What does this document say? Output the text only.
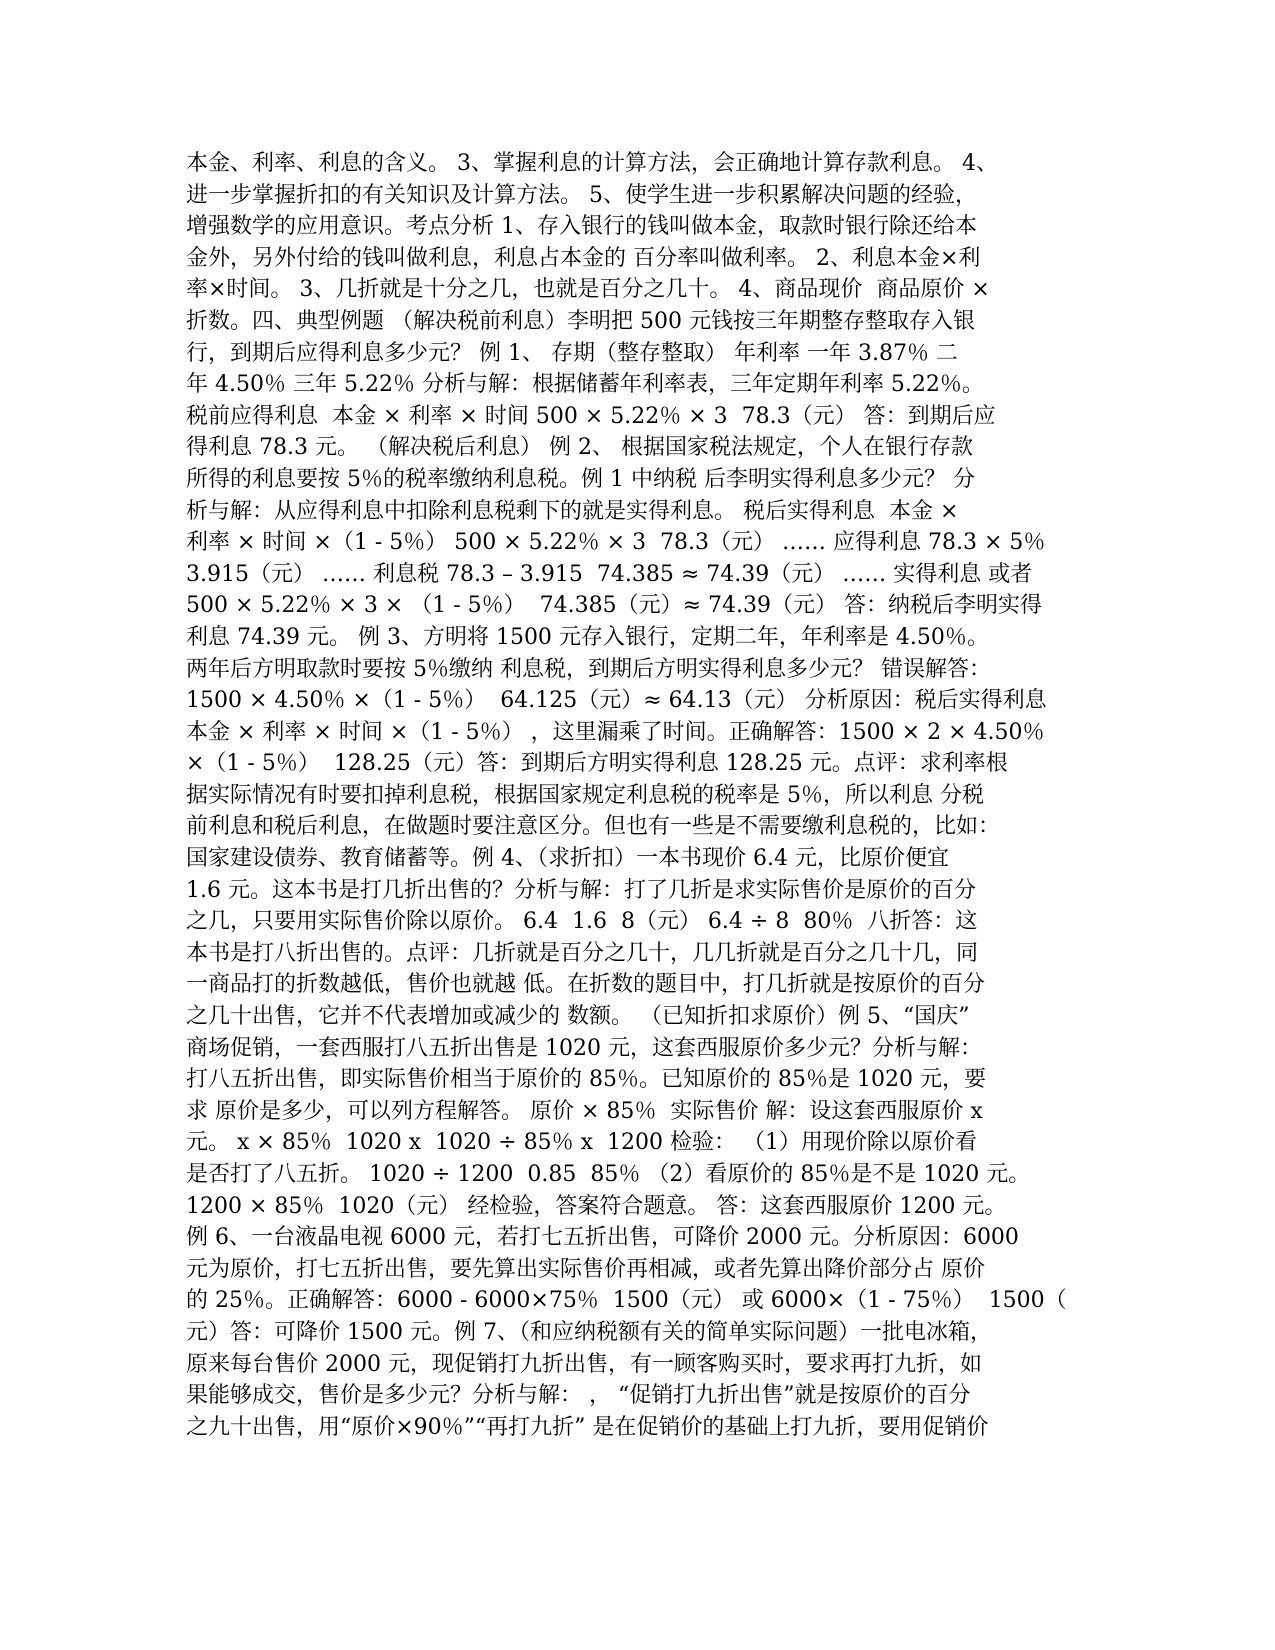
本金、利率、利息的含义。 3、掌握利息的计算方法，会正确地计算存款利息。 4、
进一步掌握折扣的有关知识及计算方法。 5、使学生进一步积累解决问题的经验，
增强数学的应用意识。考点分析 1、存入银行的钱叫做本金，取款时银行除还给本
金外，另外付给的钱叫做利息，利息占本金的 百分率叫做利率。 2、利息本金×利
率×时间。 3、几折就是十分之几，也就是百分之几十。 4、商品现价  商品原价 ×
折数。四、典型例题 （解决税前利息）李明把 500 元钱按三年期整存整取存入银
行，到期后应得利息多少元？ 例 1、 存期（整存整取） 年利率 一年 3.87％ 二
年 4.50％ 三年 5.22％ 分析与解：根据储蓄年利率表，三年定期年利率 5.22％。
税前应得利息  本金 × 利率 × 时间 500 × 5.22％ × 3  78.3（元） 答：到期后应
得利息 78.3 元。 （解决税后利息） 例 2、 根据国家税法规定，个人在银行存款
所得的利息要按 5％的税率缴纳利息税。例 1 中纳税 后李明实得利息多少元？ 分
析与解：从应得利息中扣除利息税剩下的就是实得利息。 税后实得利息  本金 ×
利率 × 时间 ×（1 - 5％） 500 × 5.22％ × 3  78.3（元） …… 应得利息 78.3 × 5％
3.915（元） …… 利息税 78.3 – 3.915  74.385 ≈ 74.39（元） …… 实得利息 或者
500 × 5.22％ × 3 × （1 - 5％）  74.385（元）≈ 74.39（元） 答：纳税后李明实得
利息 74.39 元。 例 3、方明将 1500 元存入银行，定期二年，年利率是 4.50％。
两年后方明取款时要按 5％缴纳 利息税，到期后方明实得利息多少元？ 错误解答：
1500 × 4.50％ ×（1 - 5％）  64.125（元）≈ 64.13（元） 分析原因：税后实得利息
本金 × 利率 × 时间 ×（1 - 5％） ，这里漏乘了时间。正确解答：1500 × 2 × 4.50％
×（1 - 5％）  128.25（元）答：到期后方明实得利息 128.25 元。点评：求利率根
据实际情况有时要扣掉利息税，根据国家规定利息税的税率是 5％，所以利息 分税
前利息和税后利息，在做题时要注意区分。但也有一些是不需要缴利息税的，比如：
国家建设债券、教育储蓄等。例 4、（求折扣）一本书现价 6.4 元，比原价便宜
1.6 元。这本书是打几折出售的？分析与解：打了几折是求实际售价是原价的百分
之几，只要用实际售价除以原价。 6.4  1.6  8（元） 6.4 ÷ 8  80％  八折答：这
本书是打八折出售的。点评：几折就是百分之几十，几几折就是百分之几十几，同
一商品打的折数越低，售价也就越 低。在折数的题目中，打几折就是按原价的百分
之几十出售，它并不代表增加或减少的 数额。 （已知折扣求原价）例 5、“国庆”
商场促销，一套西服打八五折出售是 1020 元，这套西服原价多少元？分析与解：
打八五折出售，即实际售价相当于原价的 85％。已知原价的 85％是 1020 元，要
求 原价是多少，可以列方程解答。 原价 × 85％  实际售价 解：设这套西服原价 x
元。 x × 85％  1020 x  1020 ÷ 85％ x  1200 检验： （1）用现价除以原价看
是否打了八五折。 1020 ÷ 1200  0.85  85％ （2）看原价的 85％是不是 1020 元。
1200 × 85％  1020（元） 经检验，答案符合题意。 答：这套西服原价 1200 元。
例 6、一台液晶电视 6000 元，若打七五折出售，可降价 2000 元。分析原因：6000
元为原价，打七五折出售，要先算出实际售价再相减，或者先算出降价部分占 原价
的 25％。正确解答：6000 - 6000×75％  1500（元） 或 6000×（1 - 75％）  1500（
元）答：可降价 1500 元。例 7、（和应纳税额有关的简单实际问题）一批电冰箱，
原来每台售价 2000 元，现促销打九折出售，有一顾客购买时，要求再打九折，如
果能够成交，售价是多少元？分析与解： ， “促销打九折出售”就是按原价的百分
之九十出售，用“原价×90％”“再打九折” 是在促销价的基础上打九折，要用促销价
